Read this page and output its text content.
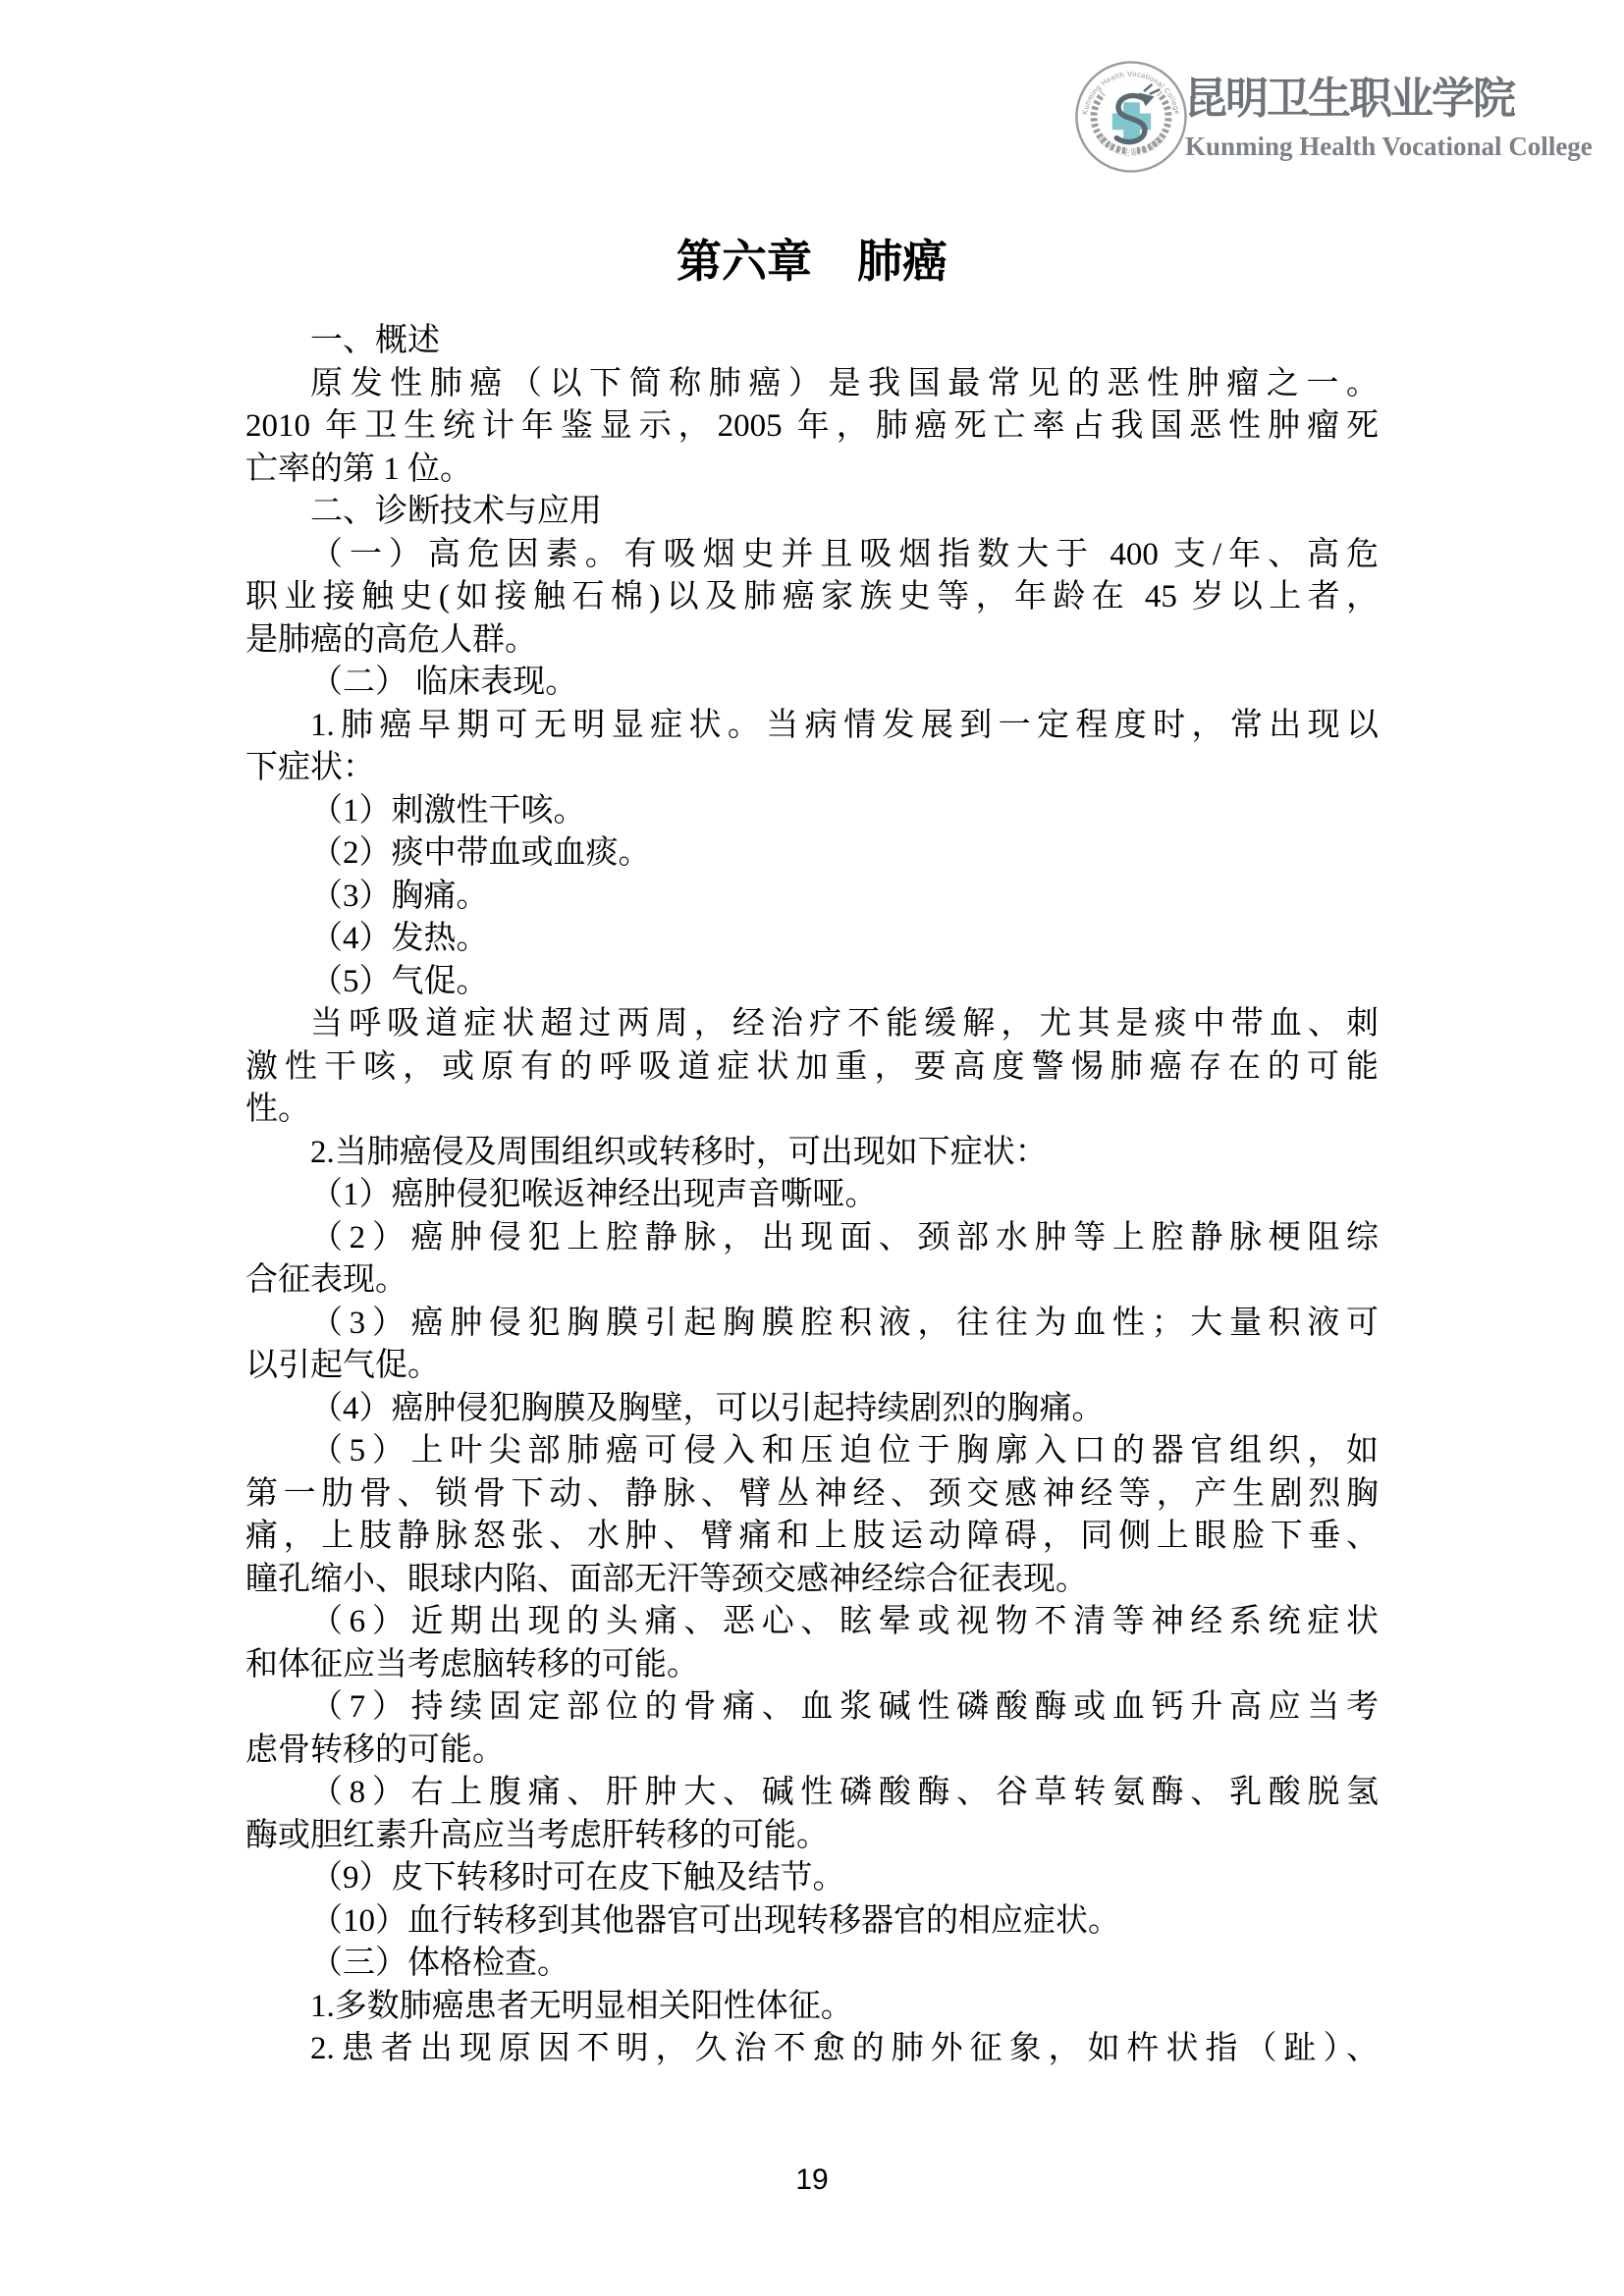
Kunming Health Vocational College
昆明卫生职业学院
昆明卫生职业学院
Kunming Health Vocational College
第六章　肺癌
一、概述
原发性肺癌（以下简称肺癌）是我国最常见的恶性肿瘤之一。
2010 年卫生统计年鉴显示，2005 年，肺癌死亡率占我国恶性肿瘤死
亡率的第 1 位。
二、诊断技术与应用
（一）高危因素。有吸烟史并且吸烟指数大于 400 支/年、高危
职业接触史(如接触石棉)以及肺癌家族史等，年龄在 45 岁以上者，
是肺癌的高危人群。
（二） 临床表现。
1.肺癌早期可无明显症状。当病情发展到一定程度时，常出现以
下症状：
（1）刺激性干咳。
（2）痰中带血或血痰。
（3）胸痛。
（4）发热。
（5）气促。
当呼吸道症状超过两周，经治疗不能缓解，尤其是痰中带血、刺
激性干咳，或原有的呼吸道症状加重，要高度警惕肺癌存在的可能
性。
2.当肺癌侵及周围组织或转移时，可出现如下症状：
（1）癌肿侵犯喉返神经出现声音嘶哑。
（2）癌肿侵犯上腔静脉，出现面、颈部水肿等上腔静脉梗阻综
合征表现。
（3）癌肿侵犯胸膜引起胸膜腔积液，往往为血性；大量积液可
以引起气促。
（4）癌肿侵犯胸膜及胸壁，可以引起持续剧烈的胸痛。
（5）上叶尖部肺癌可侵入和压迫位于胸廓入口的器官组织，如
第一肋骨、锁骨下动、静脉、臂丛神经、颈交感神经等，产生剧烈胸
痛，上肢静脉怒张、水肿、臂痛和上肢运动障碍，同侧上眼脸下垂、
瞳孔缩小、眼球内陷、面部无汗等颈交感神经综合征表现。
（6）近期出现的头痛、恶心、眩晕或视物不清等神经系统症状
和体征应当考虑脑转移的可能。
（7）持续固定部位的骨痛、血浆碱性磷酸酶或血钙升高应当考
虑骨转移的可能。
（8）右上腹痛、肝肿大、碱性磷酸酶、谷草转氨酶、乳酸脱氢
酶或胆红素升高应当考虑肝转移的可能。
（9）皮下转移时可在皮下触及结节。
（10）血行转移到其他器官可出现转移器官的相应症状。
（三）体格检查。
1.多数肺癌患者无明显相关阳性体征。
2.患者出现原因不明，久治不愈的肺外征象，如杵状指（趾）、
19
